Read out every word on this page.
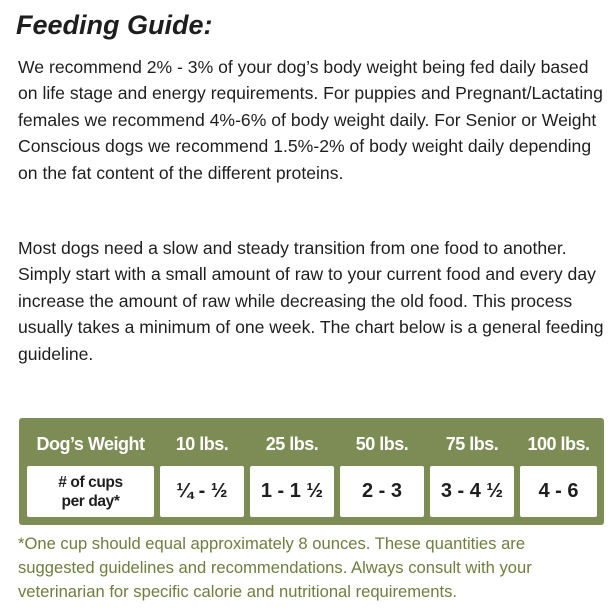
Feeding Guide:

We recommend 2% - 3% of your dog’s body weight being fed daily based on life stage and energy requirements. For puppies and Pregnant/Lactating females we recommend 4%-6% of body weight daily. For Senior or Weight Conscious dogs we recommend 1.5%-2% of body weight daily depending on the fat content of the different proteins.

Most dogs need a slow and steady transition from one food to another. Simply start with a small amount of raw to your current food and every day increase the amount of raw while decreasing the old food. This process usually takes a minimum of one week. The chart below is a general feeding guideline.

Dog’s Weight	10 lbs.	25 lbs.	50 lbs.	75 lbs.	100 lbs.
# of cups per day*	¼ - ½	1 - 1 ½	2 - 3	3 - 4 ½	4 - 6

*One cup should equal approximately 8 ounces. These quantities are
suggested guidelines and recommendations. Always consult with your
veterinarian for specific calorie and nutritional requirements.
